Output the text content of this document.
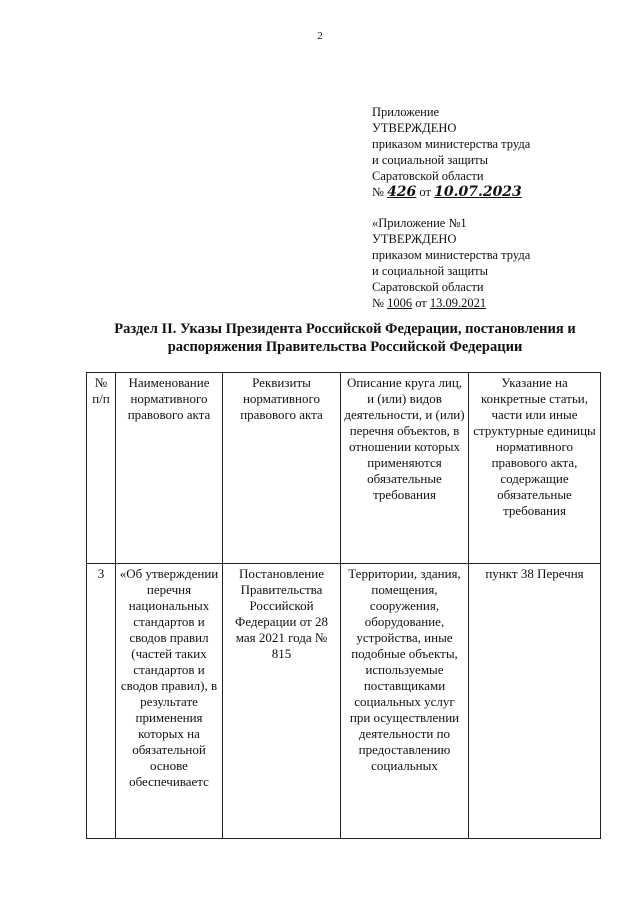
2
Приложение
УТВЕРЖДЕНО
приказом министерства труда
и социальной защиты
Саратовской области
№ 426 от 10.07.2023
«Приложение №1
УТВЕРЖДЕНО
приказом министерства труда
и социальной защиты
Саратовской области
№ 1006 от 13.09.2021
Раздел II. Указы Президента Российской Федерации, постановления и
распоряжения Правительства Российской Федерации
№ п/п	Наименование нормативного правового акта	Реквизиты нормативного правового акта	Описание круга лиц, и (или) видов деятельности, и (или) перечня объектов, в отношении которых применяются обязательные требования	Указание на конкретные статьи, части или иные структурные единицы нормативного правового акта, содержащие обязательные требования
3	«Об утверждении перечня национальных стандартов и сводов правил (частей таких стандартов и сводов правил), в результате применения которых на обязательной основе обеспечиваетс	Постановление Правительства Российской Федерации от 28 мая 2021 года № 815	Территории, здания, помещения, сооружения, оборудование, устройства, иные подобные объекты, используемые поставщиками социальных услуг при осуществлении деятельности по предоставлению социальных	пункт 38 Перечня
